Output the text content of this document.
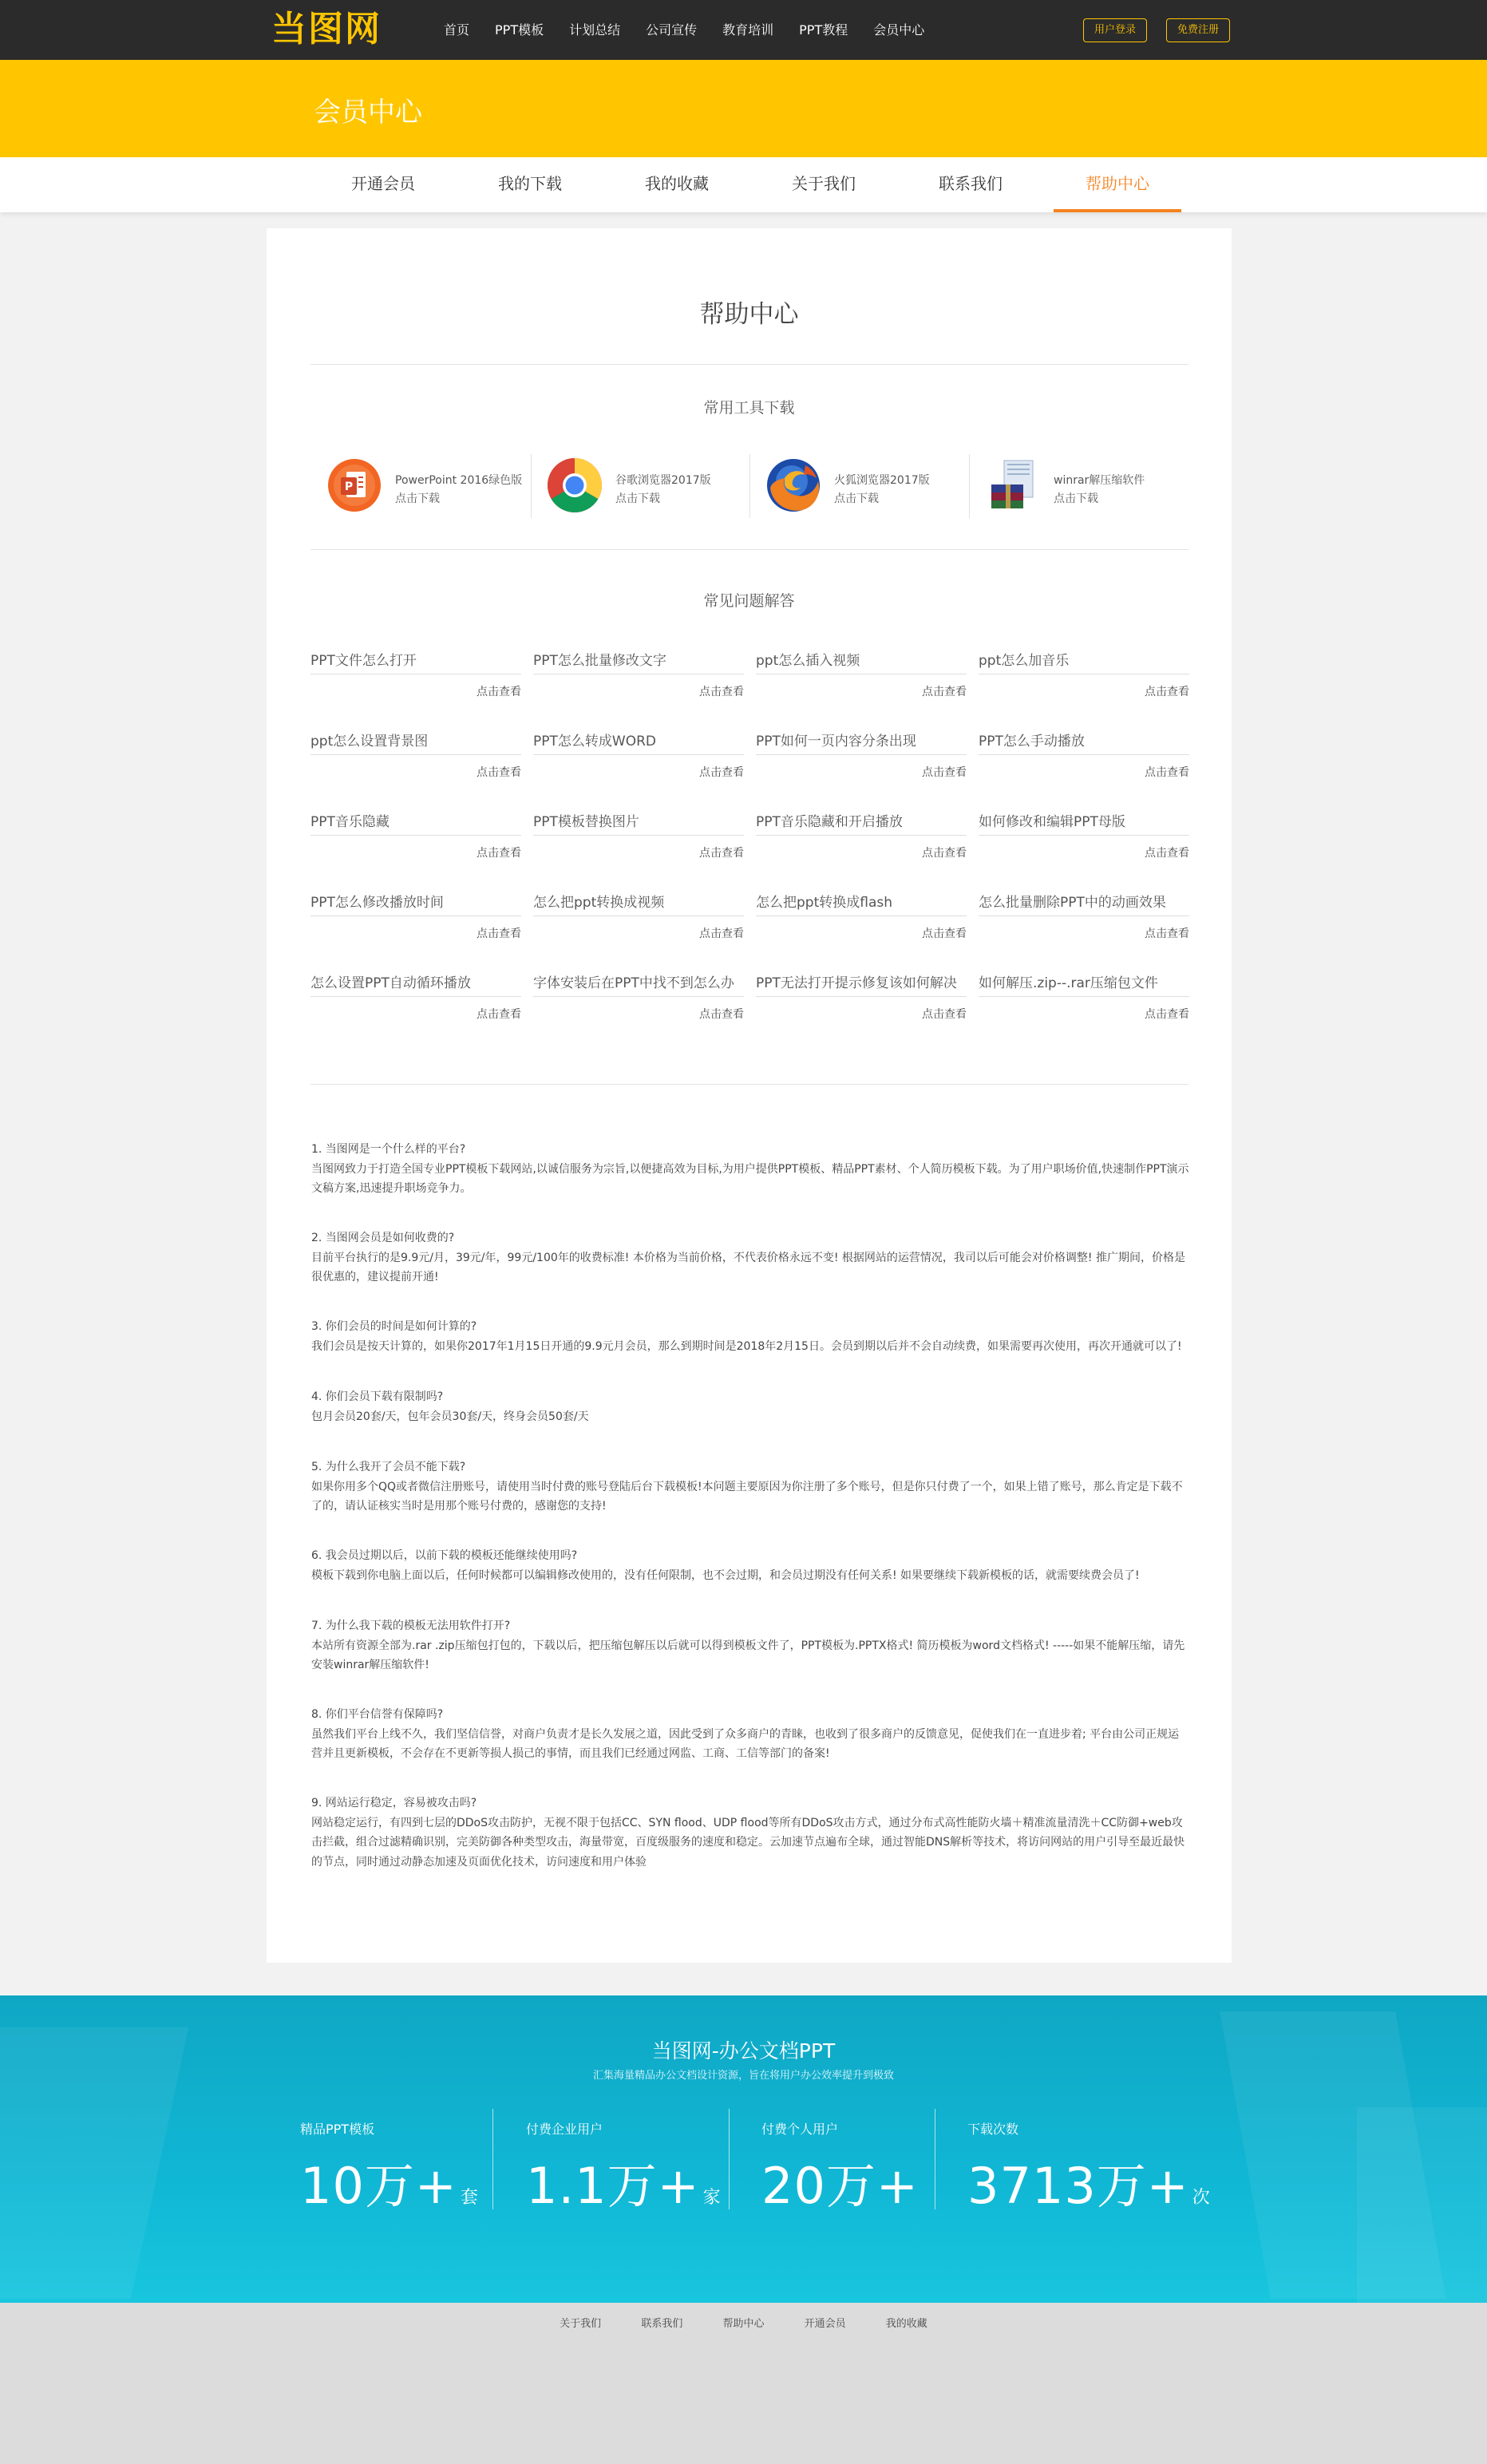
当图网	首页 PPT模板 计划总结 公司宣传 教育培训 PPT教程 会员中心	用户登录	免费注册
会员中心
开通会员	我的下载	我的收藏	关于我们	联系我们	帮助中心
帮助中心
常用工具下载
P	PowerPoint 2016绿色版
点击下载
谷歌浏览器2017版
点击下载
火狐浏览器2017版
点击下载
winrar解压缩软件
点击下载
常见问题解答
PPT文件怎么打开
点击查看
PPT怎么批量修改文字
点击查看
ppt怎么插入视频
点击查看
ppt怎么加音乐
点击查看
ppt怎么设置背景图
点击查看
PPT怎么转成WORD
点击查看
PPT如何一页内容分条出现
点击查看
PPT怎么手动播放
点击查看
PPT音乐隐藏
点击查看
PPT模板替换图片
点击查看
PPT音乐隐藏和开启播放
点击查看
如何修改和编辑PPT母版
点击查看
PPT怎么修改播放时间
点击查看
怎么把ppt转换成视频
点击查看
怎么把ppt转换成flash
点击查看
怎么批量删除PPT中的动画效果
点击查看
怎么设置PPT自动循环播放
点击查看
字体安装后在PPT中找不到怎么办
点击查看
PPT无法打开提示修复该如何解决
点击查看
如何解压.zip--.rar压缩包文件
点击查看

1. 当图网是一个什么样的平台?

当图网致力于打造全国专业PPT模板下载网站,以诚信服务为宗旨,以便捷高效为目标,为用户提供PPT模板、精品PPT素材、个人简历模板下载。为了用户职场价值,快速制作PPT演示文稿方案,迅速提升职场竞争力。

2. 当图网会员是如何收费的?

目前平台执行的是9.9元/月，39元/年，99元/100年的收费标准! 本价格为当前价格，不代表价格永远不变! 根据网站的运营情况，我司以后可能会对价格调整! 推广期间，价格是很优惠的，建议提前开通!

3. 你们会员的时间是如何计算的?

我们会员是按天计算的，如果你2017年1月15日开通的9.9元月会员，那么到期时间是2018年2月15日。会员到期以后并不会自动续费，如果需要再次使用，再次开通就可以了!

4. 你们会员下载有限制吗?

包月会员20套/天，包年会员30套/天，终身会员50套/天

5. 为什么我开了会员不能下载?

如果你用多个QQ或者微信注册账号，请使用当时付费的账号登陆后台下载模板!本问题主要原因为你注册了多个账号，但是你只付费了一个，如果上错了账号，那么肯定是下载不了的，请认证核实当时是用那个账号付费的，感谢您的支持!

6. 我会员过期以后，以前下载的模板还能继续使用吗?

模板下载到你电脑上面以后，任何时候都可以编辑修改使用的，没有任何限制，也不会过期，和会员过期没有任何关系! 如果要继续下载新模板的话，就需要续费会员了!

7. 为什么我下载的模板无法用软件打开?

本站所有资源全部为.rar .zip压缩包打包的，下载以后，把压缩包解压以后就可以得到模板文件了，PPT模板为.PPTX格式! 简历模板为word文档格式! -----如果不能解压缩，请先安装winrar解压缩软件!

8. 你们平台信誉有保障吗?

虽然我们平台上线不久，我们坚信信誉，对商户负责才是长久发展之道，因此受到了众多商户的青睐，也收到了很多商户的反馈意见，促使我们在一直进步着; 平台由公司正规运营并且更新模板，不会存在不更新等损人损己的事情，而且我们已经通过网监、工商、工信等部门的备案!

9. 网站运行稳定，容易被攻击吗?

网站稳定运行，有四到七层的DDoS攻击防护，无视不限于包括CC、SYN flood、UDP flood等所有DDoS攻击方式，通过分布式高性能防火墙＋精准流量清洗＋CC防御+web攻击拦截，组合过滤精确识别，完美防御各种类型攻击，海量带宽，百度级服务的速度和稳定。云加速节点遍布全球，通过智能DNS解析等技术，将访问网站的用户引导至最近最快的节点，同时通过动静态加速及页面优化技术，访问速度和用户体验

当图网-办公文档PPT
汇集海量精品办公文档设计资源，旨在将用户办公效率提升到极致
精品PPT模板
10万+ 套
付费企业用户
1.1万+ 家
付费个人用户
20万+
下载次数
3713万+ 次
关于我们	联系我们	帮助中心	开通会员	我的收藏
